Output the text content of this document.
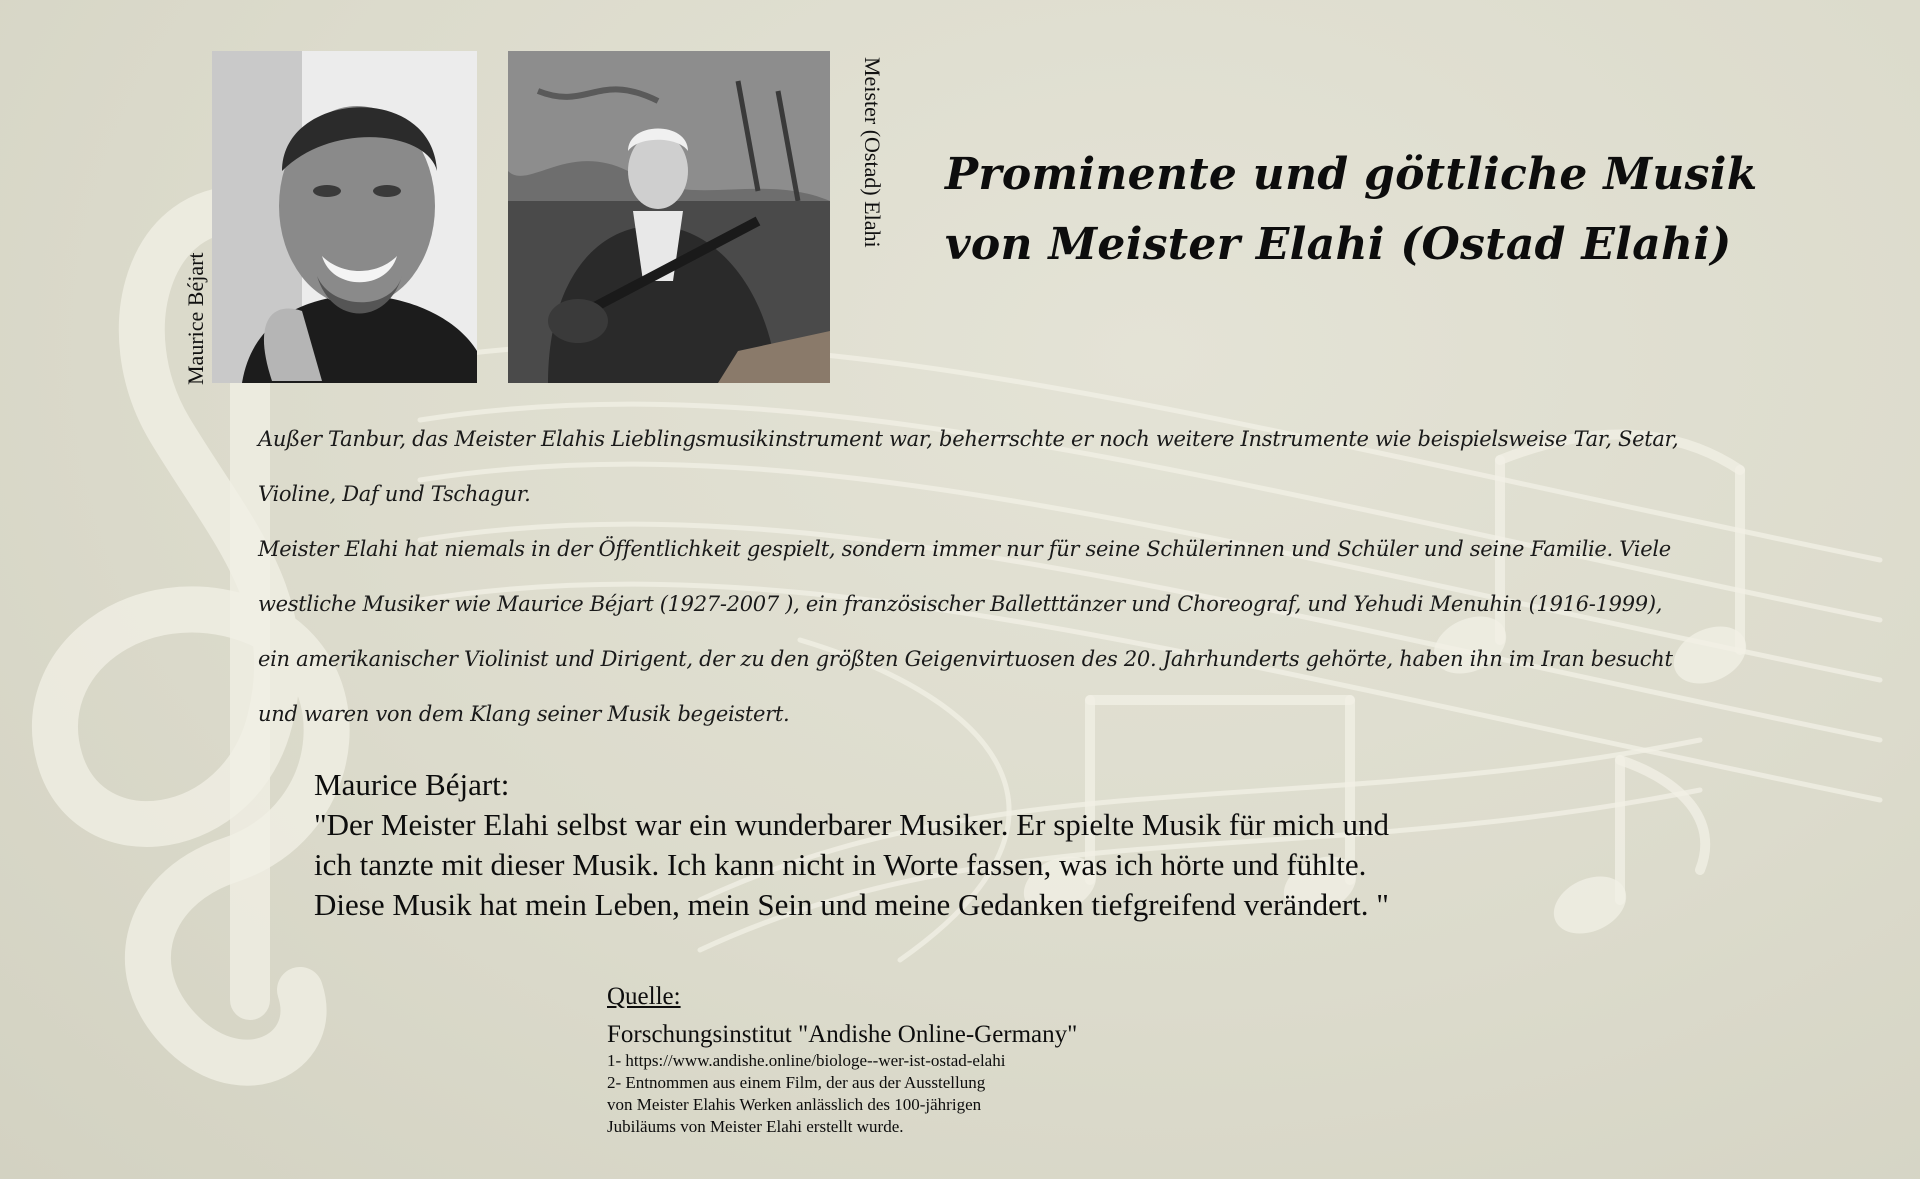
Maurice Béjart
Meister (Ostad) Elahi Prominente und göttliche Musik
von Meister Elahi (Ostad Elahi)

Außer Tanbur, das Meister Elahis Lieblingsmusikinstrument war, beherrschte er noch weitere Instrumente wie beispielsweise Tar, Setar, Violine, Daf und Tschagur.

Meister Elahi hat niemals in der Öffentlichkeit gespielt, sondern immer nur für seine Schülerinnen und Schüler und seine Familie. Viele westliche Musiker wie Maurice Béjart (1927-2007 ), ein französischer Balletttänzer und Choreograf, und Yehudi Menuhin (1916-1999), ein amerikanischer Violinist und Dirigent, der zu den größten Geigenvirtuosen des 20. Jahrhunderts gehörte, haben ihn im Iran besucht und waren von dem Klang seiner Musik begeistert.

Maurice Béjart:

"Der Meister Elahi selbst war ein wunderbarer Musiker. Er spielte Musik für mich und

ich tanzte mit dieser Musik. Ich kann nicht in Worte fassen, was ich hörte und fühlte.

Diese Musik hat mein Leben, mein Sein und meine Gedanken tiefgreifend verändert. "

Quelle:
Forschungsinstitut "Andishe Online-Germany"
1- https://www.andishe.online/biologe--wer-ist-ostad-elahi
2- Entnommen aus einem Film, der aus der Ausstellung
von Meister Elahis Werken anlässlich des 100-jährigen
Jubiläums von Meister Elahi erstellt wurde.
